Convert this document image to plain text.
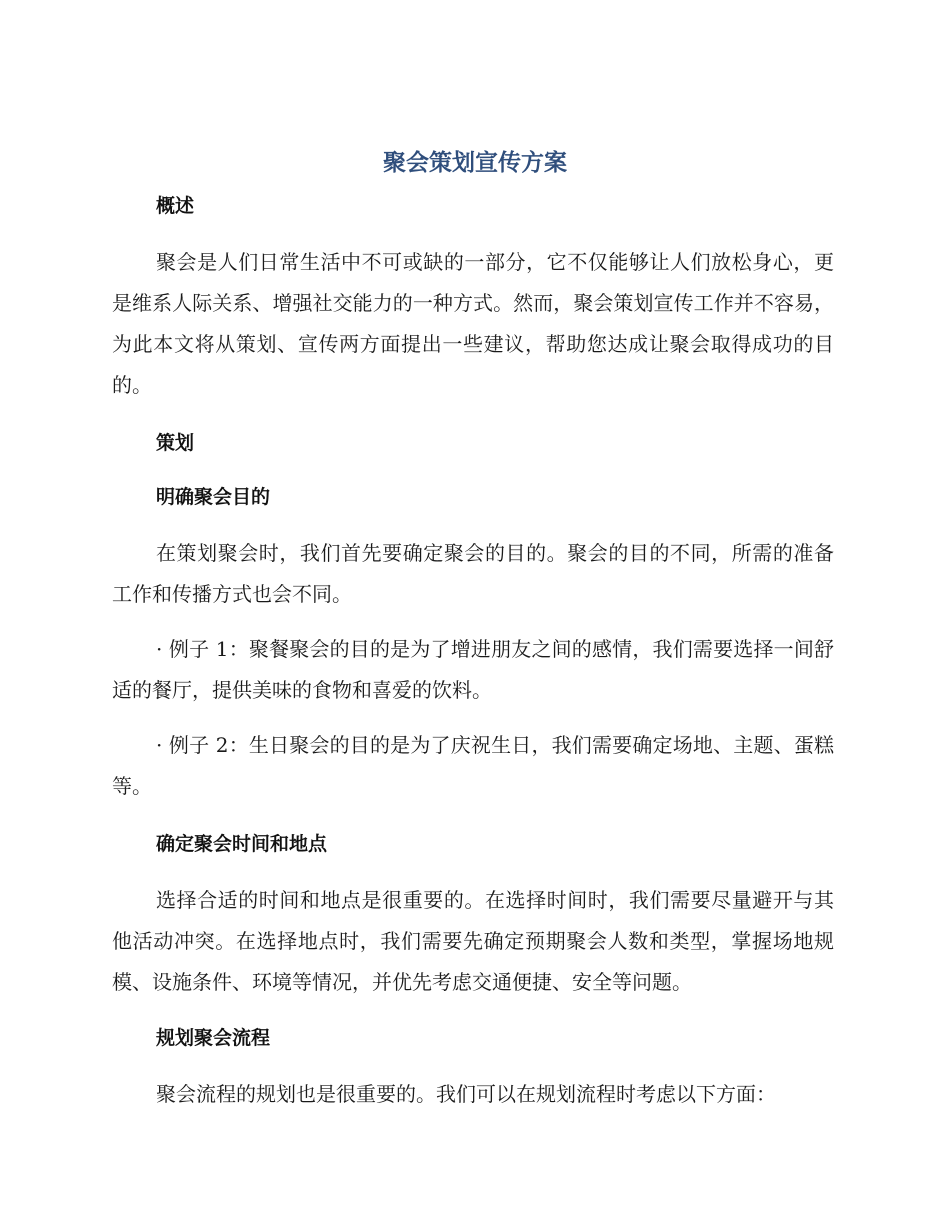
聚会策划宣传方案
概述

聚会是人们日常生活中不可或缺的一部分，它不仅能够让人们放松身心，更是维系人际关系、增强社交能力的一种方式。然而，聚会策划宣传工作并不容易，为此本文将从策划、宣传两方面提出一些建议，帮助您达成让聚会取得成功的目的。

策划
明确聚会目的

在策划聚会时，我们首先要确定聚会的目的。聚会的目的不同，所需的准备工作和传播方式也会不同。

· 例子 1：聚餐聚会的目的是为了增进朋友之间的感情，我们需要选择一间舒适的餐厅，提供美味的食物和喜爱的饮料。

· 例子 2：生日聚会的目的是为了庆祝生日，我们需要确定场地、主题、蛋糕等。

确定聚会时间和地点

选择合适的时间和地点是很重要的。在选择时间时，我们需要尽量避开与其他活动冲突。在选择地点时，我们需要先确定预期聚会人数和类型，掌握场地规模、设施条件、环境等情况，并优先考虑交通便捷、安全等问题。

规划聚会流程

聚会流程的规划也是很重要的。我们可以在规划流程时考虑以下方面：
